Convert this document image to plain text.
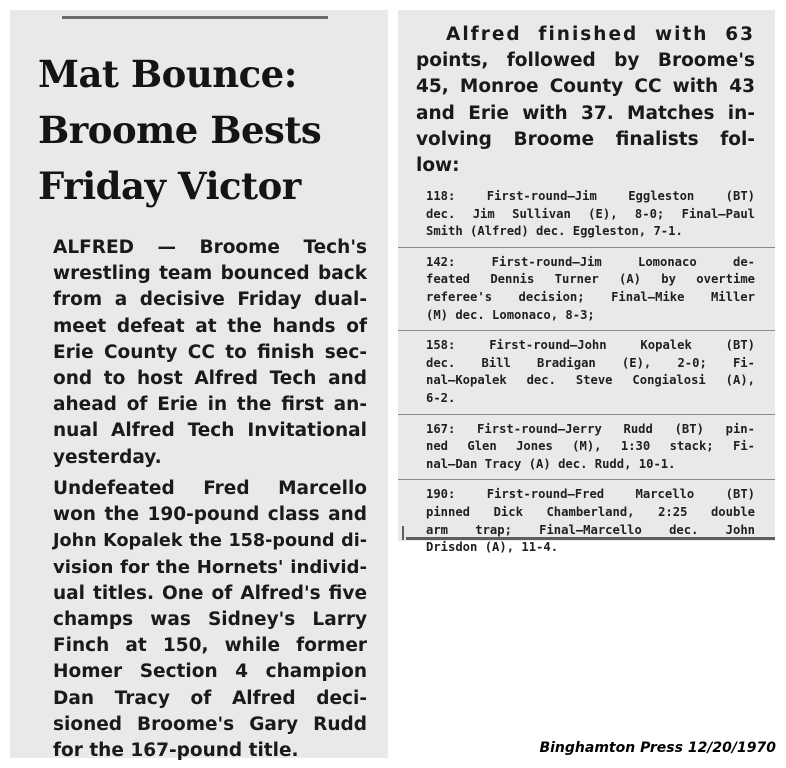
Mat Bounce:
Broome Bests
Friday Victor

ALFRED — Broome Tech's
wrestling team bounced back
from a decisive Friday dual-
meet defeat at the hands of
Erie County CC to finish sec-
ond to host Alfred Tech and
ahead of Erie in the first an-
nual Alfred Tech Invitational
yesterday.

Undefeated Fred Marcello
won the 190-pound class and
John Kopalek the 158-pound di-
vision for the Hornets' individ-
ual titles. One of Alfred's five
champs was Sidney's Larry
Finch at 150, while former
Homer Section 4 champion
Dan Tracy of Alfred deci-
sioned Broome's Gary Rudd
for the 167-pound title.

Alfred finished with 63
points, followed by Broome's
45, Monroe County CC with 43
and Erie with 37. Matches in-
volving Broome finalists fol-
low:

118: First-round—Jim Eggleston (BT)
dec. Jim Sullivan (E), 8-0; Final—Paul
Smith (Alfred) dec. Eggleston, 7-1.
142: First-round—Jim Lomonaco de-
feated Dennis Turner (A) by overtime
referee's decision; Final—Mike Miller
(M) dec. Lomonaco, 8-3;
158: First-round—John Kopalek (BT)
dec. Bill Bradigan (E), 2-0; Fi-
nal—Kopalek dec. Steve Congialosi (A),
6-2.
167: First-round—Jerry Rudd (BT) pin-
ned Glen Jones (M), 1:30 stack; Fi-
nal—Dan Tracy (A) dec. Rudd, 10-1.
190: First-round—Fred Marcello (BT)
pinned Dick Chamberland, 2:25 double
arm trap; Final—Marcello dec. John
Drisdon (A), 11-4.
Binghamton Press 12/20/1970
